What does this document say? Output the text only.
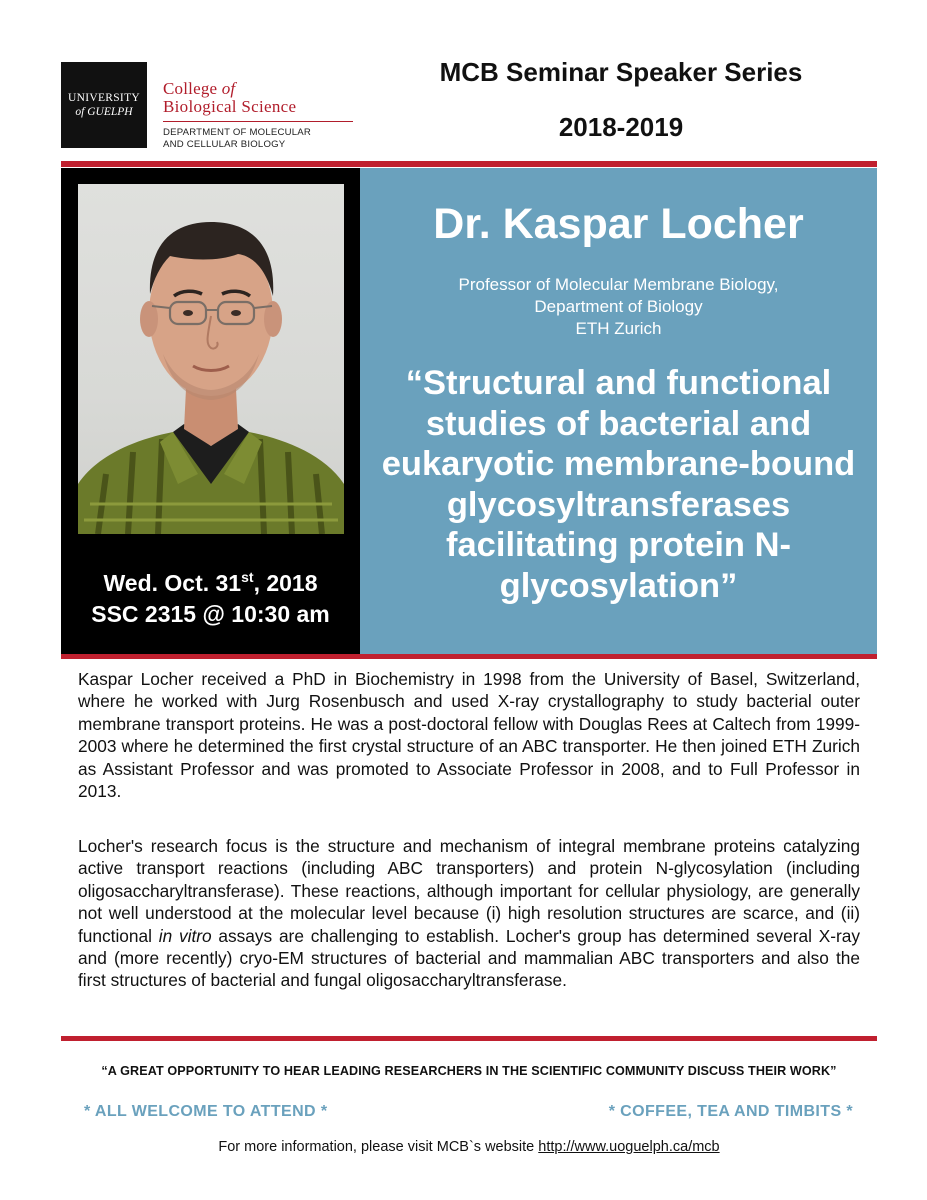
UNIVERSITY
of GUELPH
College of
Biological Science
DEPARTMENT OF MOLECULAR
AND CELLULAR BIOLOGY
MCB Seminar Speaker Series
2018-2019
Wed. Oct. 31st, 2018
SSC 2315 @ 10:30 am
Dr. Kaspar Locher
Professor of Molecular Membrane Biology,
Department of Biology
ETH Zurich
“Structural and functional studies of bacterial and eukaryotic membrane-bound glycosyltransferases facilitating protein N-glycosylation”

Kaspar Locher received a PhD in Biochemistry in 1998 from the University of Basel, Switzerland, where he worked with Jurg Rosenbusch and used X-ray crystallography to study bacterial outer membrane transport proteins. He was a post-doctoral fellow with Douglas Rees at Caltech from 1999-2003 where he determined the first crystal structure of an ABC transporter. He then joined ETH Zurich as Assistant Professor and was promoted to Associate Professor in 2008, and to Full Professor in 2013.

Locher's research focus is the structure and mechanism of integral membrane proteins catalyzing active transport reactions (including ABC transporters) and protein N-glycosylation (including oligosaccharyltransferase). These reactions, although important for cellular physiology, are generally not well understood at the molecular level because (i) high resolution structures are scarce, and (ii) functional in vitro assays are challenging to establish. Locher's group has determined several X-ray and (more recently) cryo-EM structures of bacterial and mammalian ABC transporters and also the first structures of bacterial and fungal oligosaccharyltransferase.

“A GREAT OPPORTUNITY TO HEAR LEADING RESEARCHERS IN THE SCIENTIFIC COMMUNITY DISCUSS THEIR WORK”
* ALL WELCOME TO ATTEND *	* COFFEE, TEA AND TIMBITS *
For more information, please visit MCB`s website http://www.uoguelph.ca/mcb
